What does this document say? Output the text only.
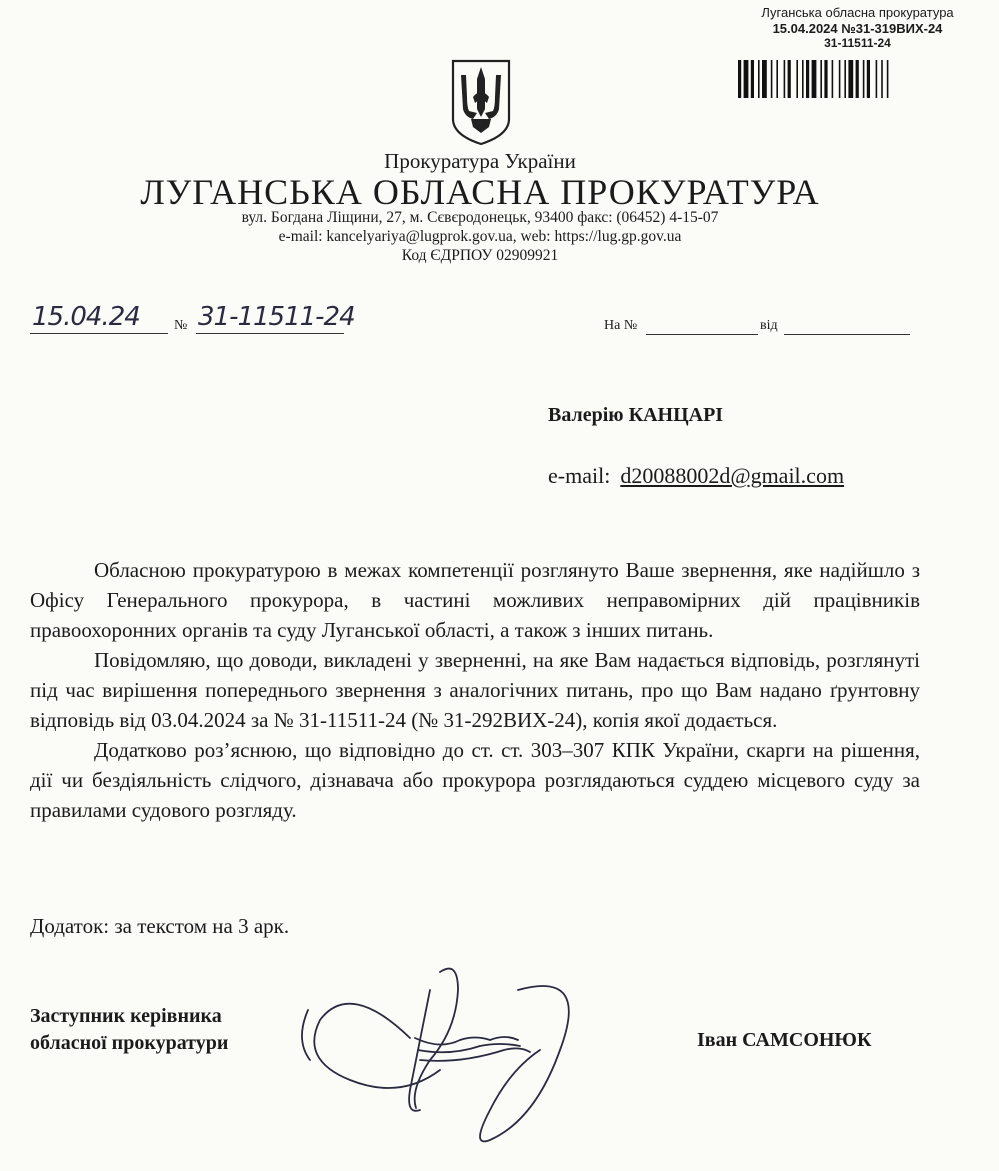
Луганська обласна прокуратура
15.04.2024 №31-319ВИХ-24
31-11511-24
Прокуратура України
ЛУГАНСЬКА ОБЛАСНА ПРОКУРАТУРА
вул. Богдана Ліщини, 27, м. Сєвєродонецьк, 93400 факс: (06452) 4-15-07
e-mail: kancelyariya@lugprok.gov.ua, web: https://lug.gp.gov.ua
Код ЄДРПОУ 02909921
15.04.24 № 31-11511-24	На №	від
Валерію КАНЦАРІ
e-mail: d20088002d@gmail.com

Обласною прокуратурою в межах компетенції розглянуто Ваше звернення, яке надійшло з Офісу Генерального прокурора, в частині можливих неправомірних дій працівників правоохоронних органів та суду Луганської області, а також з інших питань.

Повідомляю, що доводи, викладені у зверненні, на яке Вам надається відповідь, розглянуті під час вирішення попереднього звернення з аналогічних питань, про що Вам надано ґрунтовну відповідь від 03.04.2024 за № 31-11511-24 (№ 31-292ВИХ-24), копія якої додається.

Додатково роз’яснюю, що відповідно до ст. ст. 303–307 КПК України, скарги на рішення, дії чи бездіяльність слідчого, дізнавача або прокурора розглядаються суддею місцевого суду за правилами судового розгляду.

Додаток: за текстом на 3 арк.
Заступник керівника
обласної прокуратури	Іван САМСОНЮК
